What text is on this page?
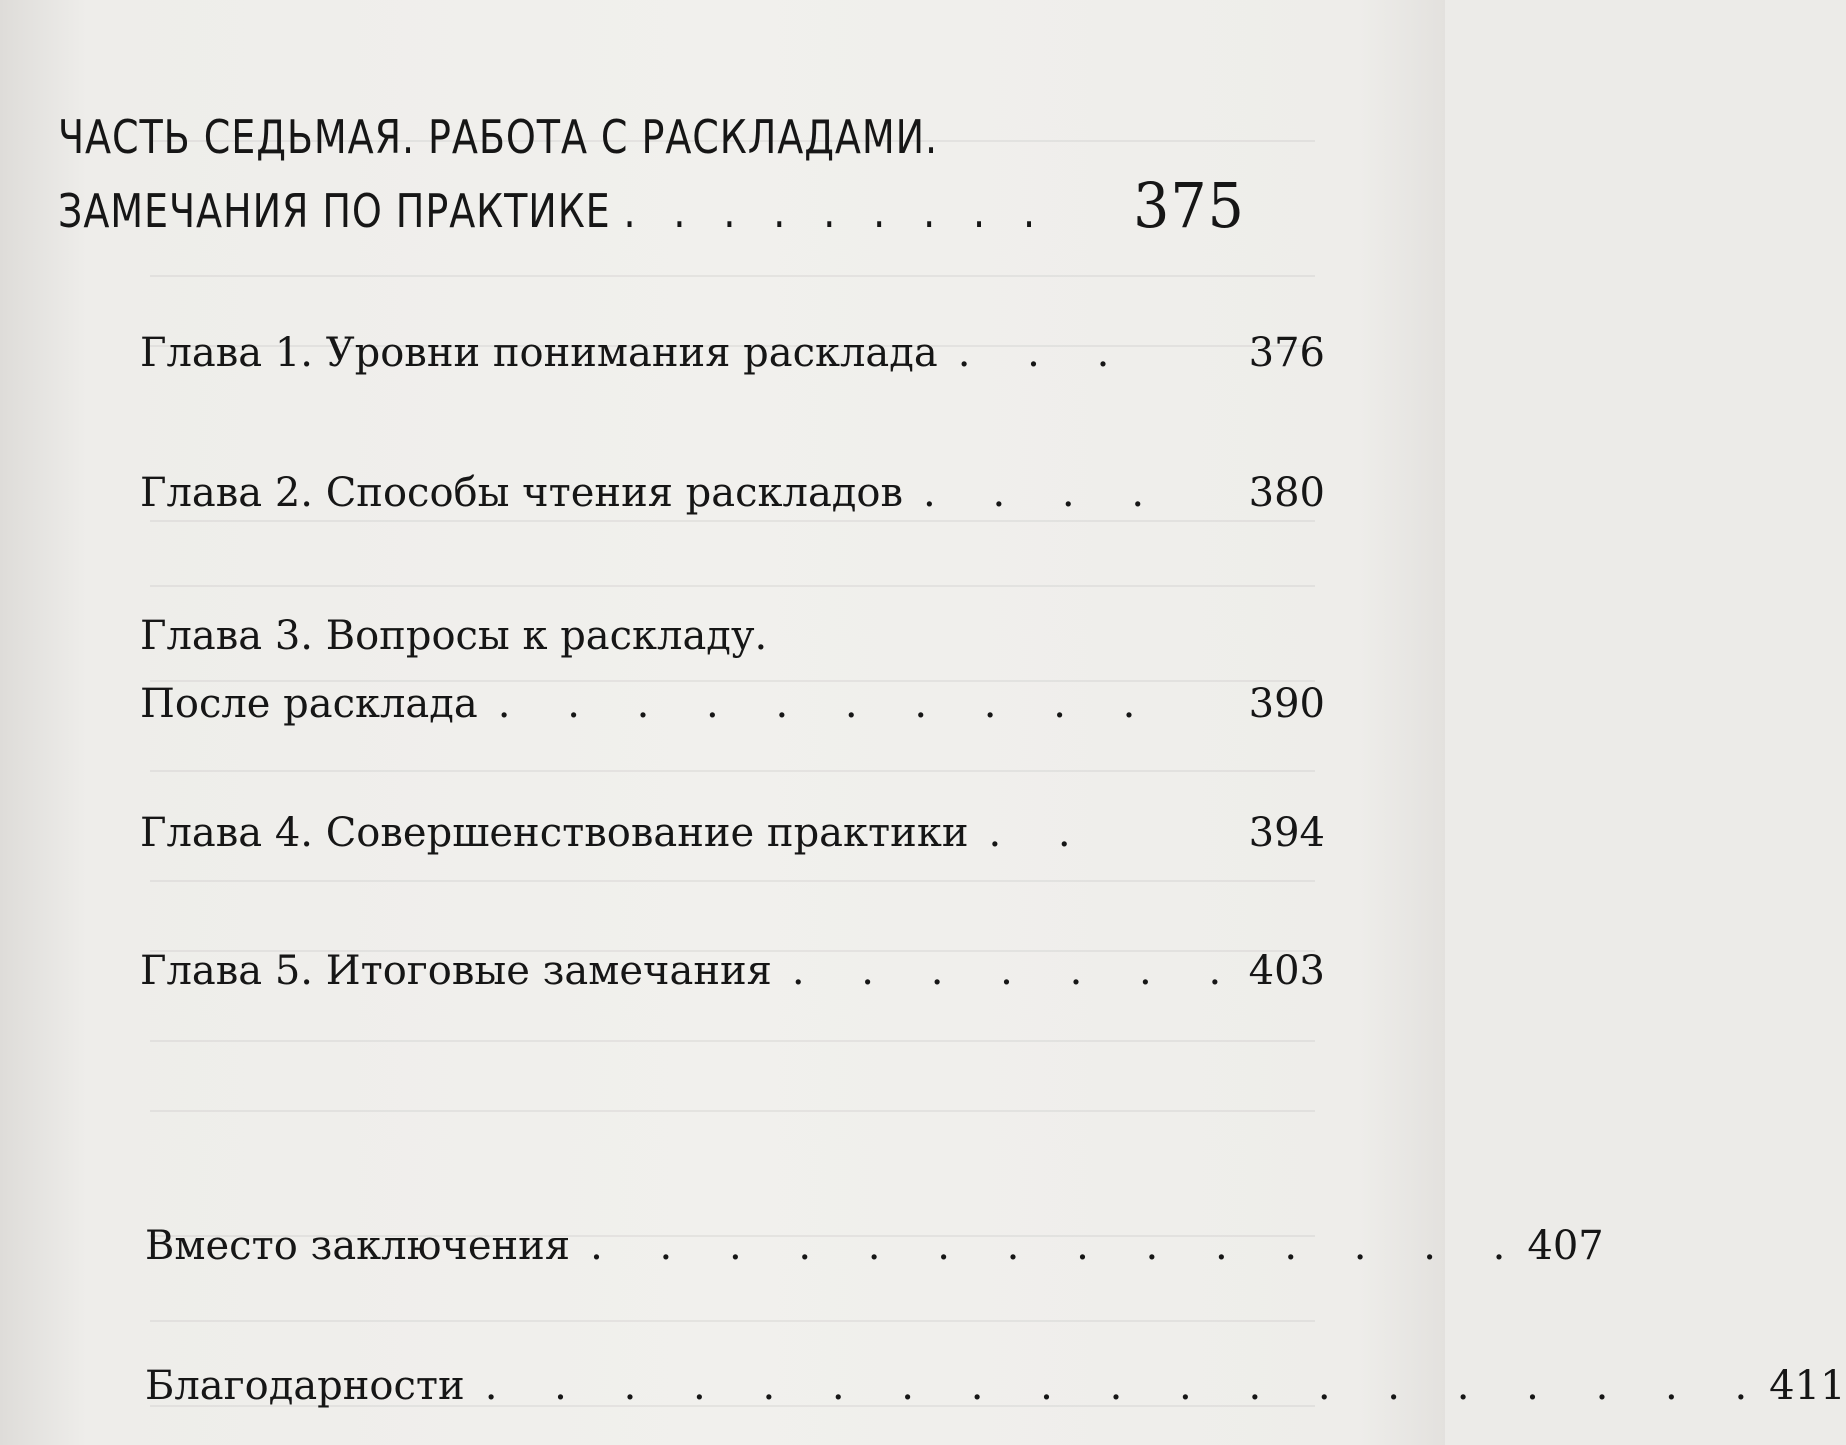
ЧАСТЬ СЕДЬМАЯ. РАБОТА С РАСКЛАДАМИ.
ЗАМЕЧАНИЯ ПО ПРАКТИКЕ . . . . . . . . .	375
Глава 1. Уровни понимания расклада . . .	376
Глава 2. Способы чтения раскладов . . . .	380
Глава 3. Вопросы к раскладу.
После расклада . . . . . . . . . .	390
Глава 4. Совершенствование практики . .	394
Глава 5. Итоговые замечания . . . . . . . 403
Вместо заключения . . . . . . . . . . . . . . 407
Благодарности . . . . . . . . . . . . . . . . . . . 411
